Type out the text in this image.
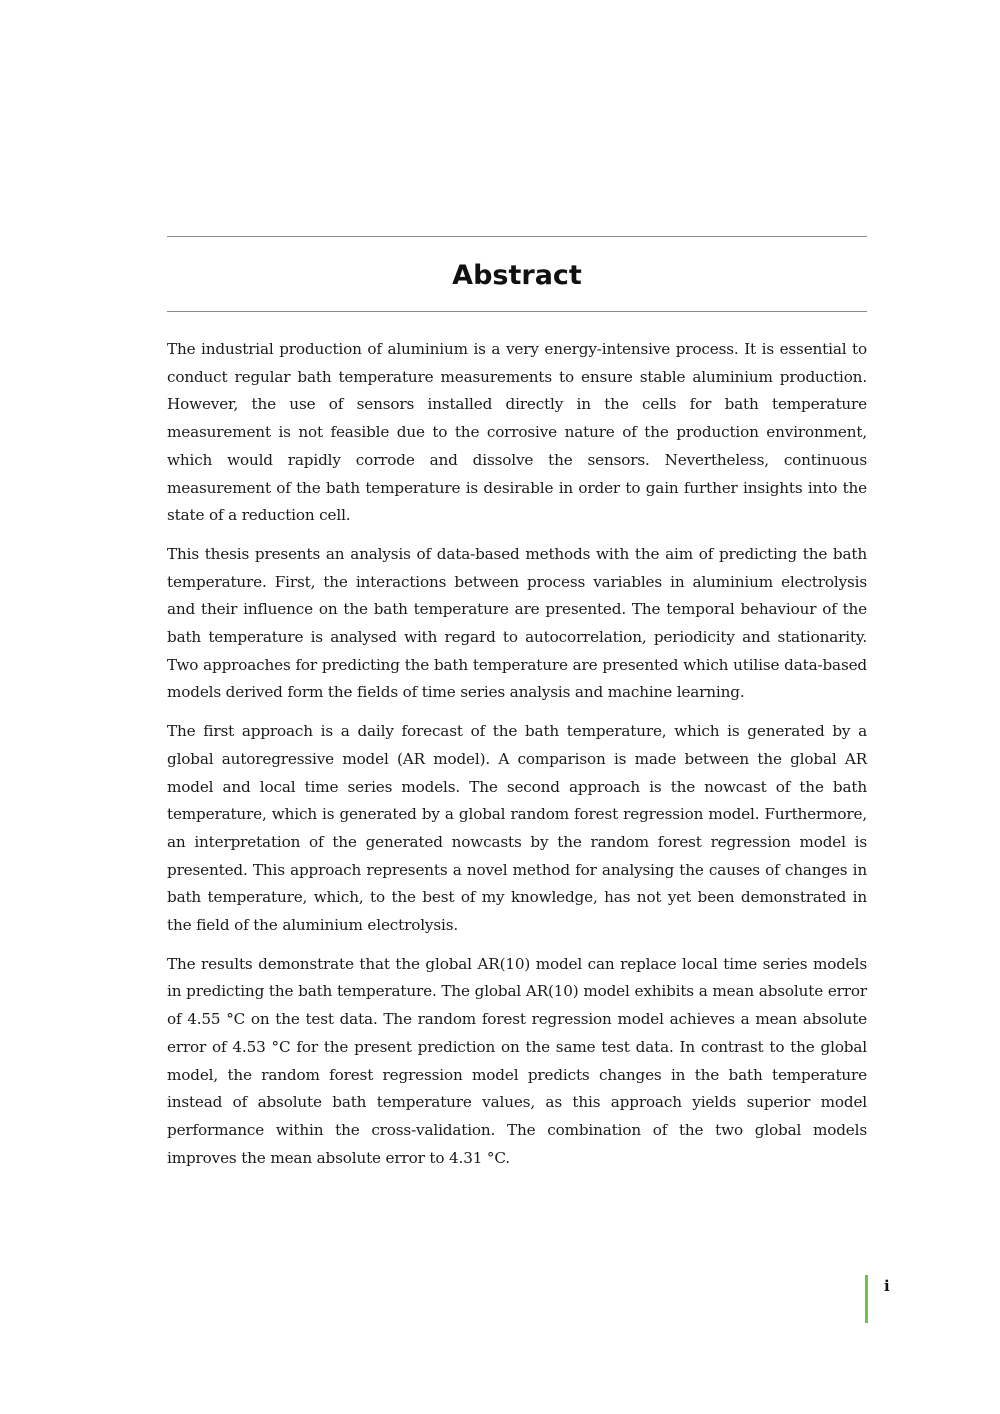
Abstract

The industrial production of aluminium is a very energy-intensive process. It is essential to conduct regular bath temperature measurements to ensure stable aluminium production. However, the use of sensors installed directly in the cells for bath temperature measurement is not feasible due to the corrosive nature of the production environment, which would rapidly corrode and dissolve the sensors. Nevertheless, continuous measurement of the bath temperature is desirable in order to gain further insights into the state of a reduction cell.

This thesis presents an analysis of data-based methods with the aim of predicting the bath temperature. First, the interactions between process variables in aluminium electrolysis and their influence on the bath temperature are presented. The temporal behaviour of the bath temperature is analysed with regard to autocorrelation, periodicity and stationarity. Two approaches for predicting the bath temperature are presented which utilise data-based models derived form the fields of time series analysis and machine learning.

The first approach is a daily forecast of the bath temperature, which is generated by a global autoregressive model (AR model). A comparison is made between the global AR model and local time series models. The second approach is the nowcast of the bath temperature, which is generated by a global random forest regression model. Furthermore, an interpretation of the generated nowcasts by the random forest regression model is presented. This approach represents a novel method for analysing the causes of changes in bath temperature, which, to the best of my knowledge, has not yet been demonstrated in the field of the aluminium electrolysis.

The results demonstrate that the global AR(10) model can replace local time series models in predicting the bath temperature. The global AR(10) model exhibits a mean absolute error of 4.55 °C on the test data. The random forest regression model achieves a mean absolute error of 4.53 °C for the present prediction on the same test data. In contrast to the global model, the random forest regression model predicts changes in the bath temperature instead of absolute bath temperature values, as this approach yields superior model performance within the cross-validation. The combination of the two global models improves the mean absolute error to 4.31 °C.

i
